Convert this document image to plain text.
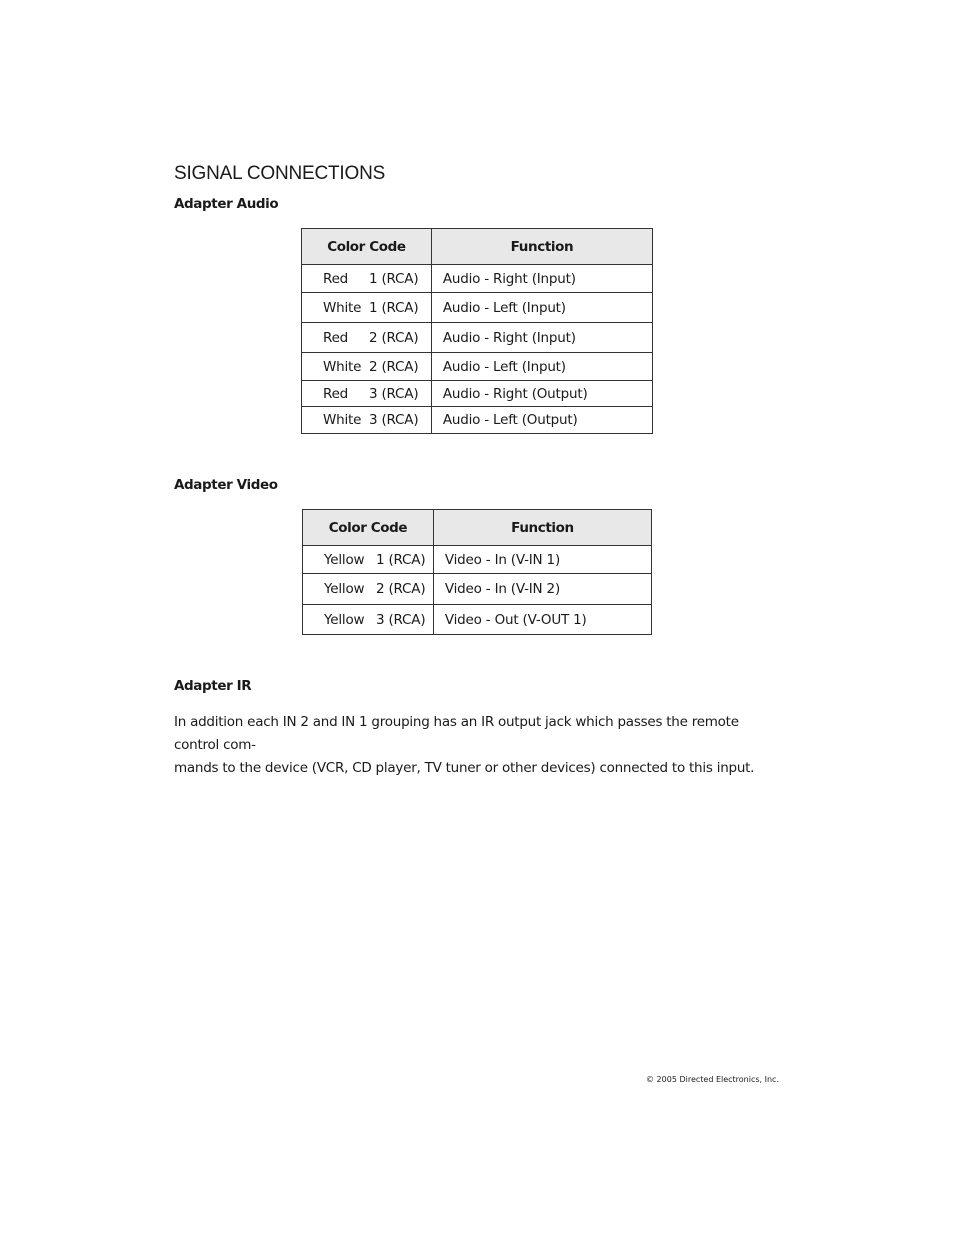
SIGNAL CONNECTIONS
Adapter Audio
Color Code	Function
Red 1 (RCA)	Audio - Right (Input)
White 1 (RCA)	Audio - Left (Input)
Red 2 (RCA)	Audio - Right (Input)
White 2 (RCA)	Audio - Left (Input)
Red 3 (RCA)	Audio - Right (Output)
White 3 (RCA)	Audio - Left (Output)
Adapter Video
Color Code	Function
Yellow 1 (RCA)	Video - In (V-IN 1)
Yellow 2 (RCA)	Video - In (V-IN 2)
Yellow 3 (RCA)	Video - Out (V-OUT 1)
Adapter IR
In addition each IN 2 and IN 1 grouping has an IR output jack which passes the remote control com-
mands to the device (VCR, CD player, TV tuner or other devices) connected to this input.
© 2005 Directed Electronics, Inc.
